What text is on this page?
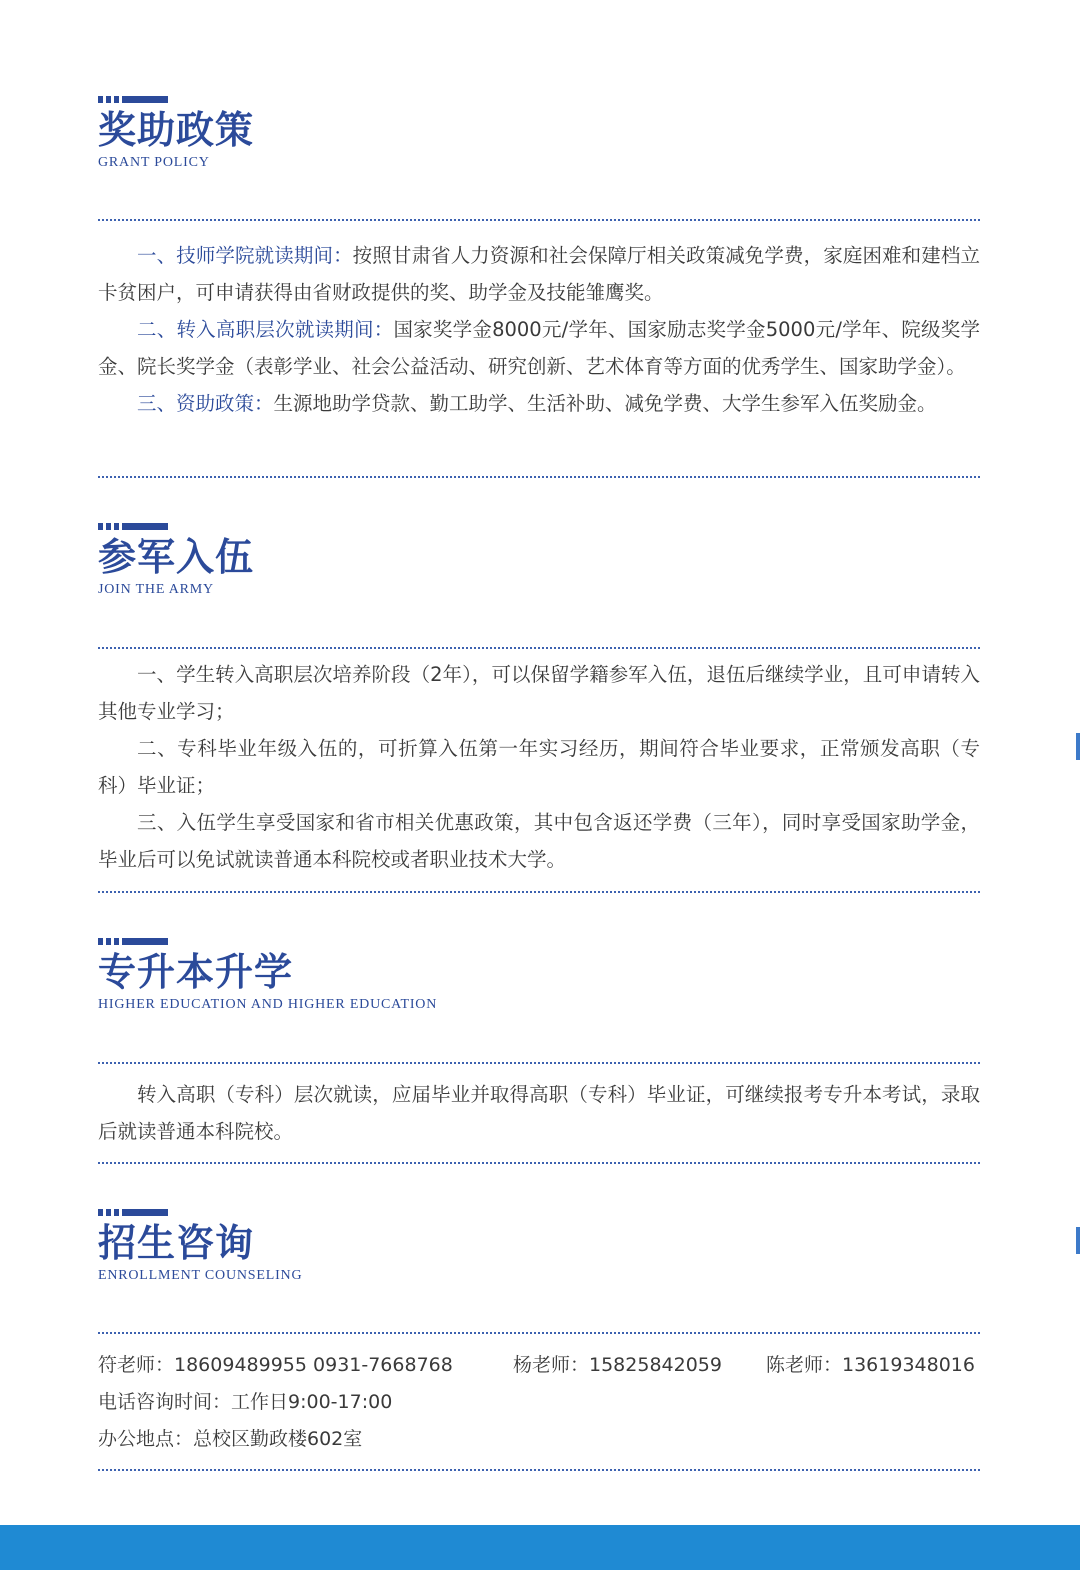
奖助政策
GRANT POLICY

一、技师学院就读期间：按照甘肃省人力资源和社会保障厅相关政策减免学费，家庭困难和建档立卡贫困户，可申请获得由省财政提供的奖、助学金及技能雏鹰奖。

二、转入高职层次就读期间：国家奖学金8000元/学年、国家励志奖学金5000元/学年、院级奖学金、院长奖学金（表彰学业、社会公益活动、研究创新、艺术体育等方面的优秀学生、国家助学金）。

三、资助政策：生源地助学贷款、勤工助学、生活补助、减免学费、大学生参军入伍奖励金。

参军入伍
JOIN THE ARMY

一、学生转入高职层次培养阶段（2年），可以保留学籍参军入伍，退伍后继续学业，且可申请转入其他专业学习；

二、专科毕业年级入伍的，可折算入伍第一年实习经历，期间符合毕业要求，正常颁发高职（专科）毕业证；

三、入伍学生享受国家和省市相关优惠政策，其中包含返还学费（三年），同时享受国家助学金，毕业后可以免试就读普通本科院校或者职业技术大学。

专升本升学
HIGHER EDUCATION AND HIGHER EDUCATION

转入高职（专科）层次就读，应届毕业并取得高职（专科）毕业证，可继续报考专升本考试，录取后就读普通本科院校。

招生咨询
ENROLLMENT COUNSELING

符老师：18609489955 0931-7668768	杨老师：15825842059 陈老师：13619348016

电话咨询时间：工作日9:00-17:00

办公地点：总校区勤政楼602室
